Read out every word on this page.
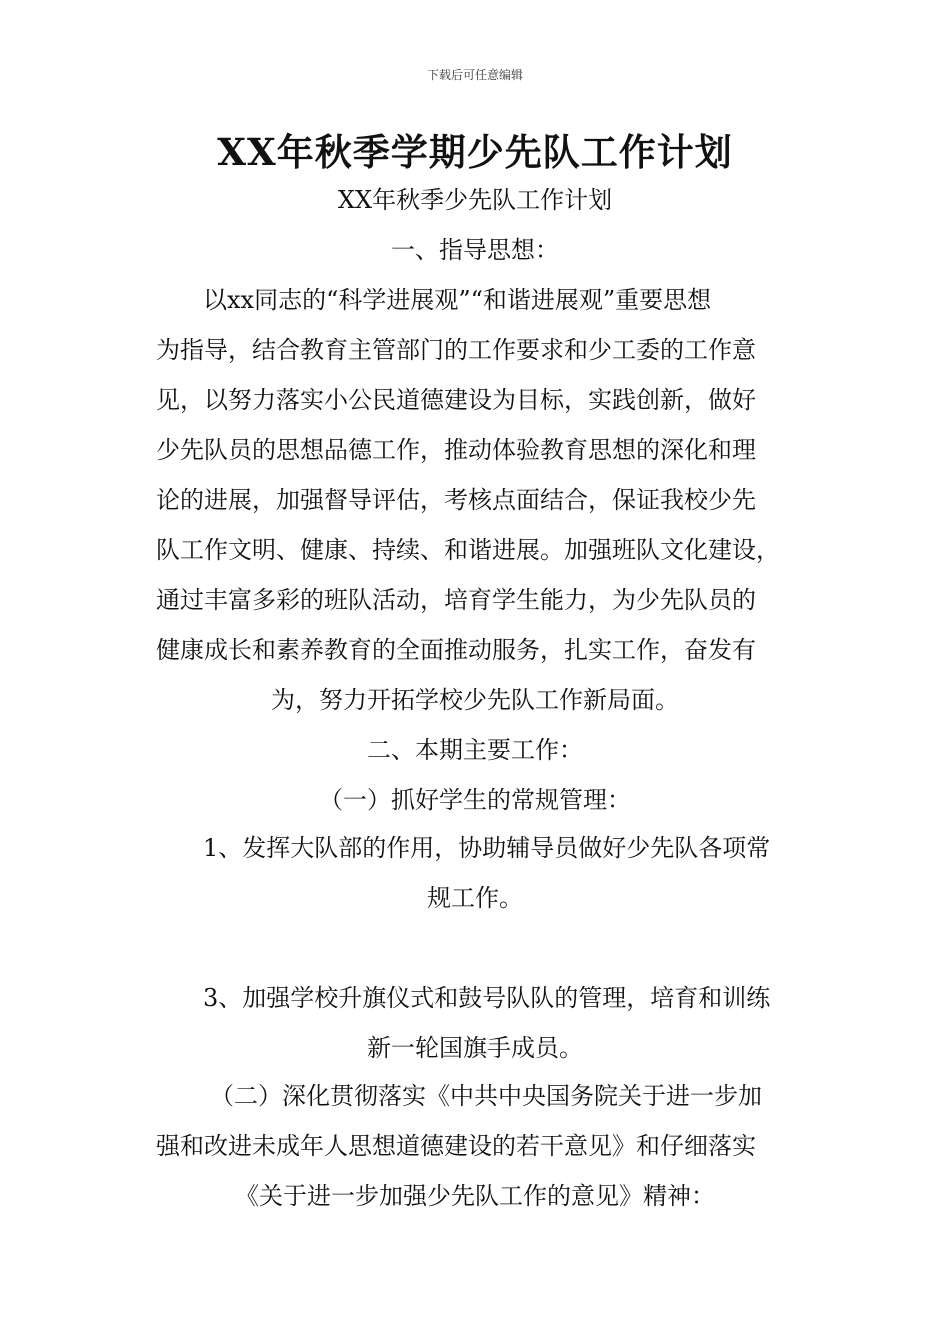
下载后可任意编辑
XX年秋季学期少先队工作计划
XX年秋季少先队工作计划
一、指导思想：
以xx同志的“科学进展观”“和谐进展观”重要思想
为指导，结合教育主管部门的工作要求和少工委的工作意
见，以努力落实小公民道德建设为目标，实践创新，做好
少先队员的思想品德工作，推动体验教育思想的深化和理
论的进展，加强督导评估，考核点面结合，保证我校少先
队工作文明、健康、持续、和谐进展。加强班队文化建设，
通过丰富多彩的班队活动，培育学生能力，为少先队员的
健康成长和素养教育的全面推动服务，扎实工作，奋发有
为，努力开拓学校少先队工作新局面。
二、本期主要工作：
（一）抓好学生的常规管理：
1、发挥大队部的作用，协助辅导员做好少先队各项常
规工作。
3、加强学校升旗仪式和鼓号队队的管理，培育和训练
新一轮国旗手成员。
（二）深化贯彻落实《中共中央国务院关于进一步加
强和改进未成年人思想道德建设的若干意见》和仔细落实
《关于进一步加强少先队工作的意见》精神：
